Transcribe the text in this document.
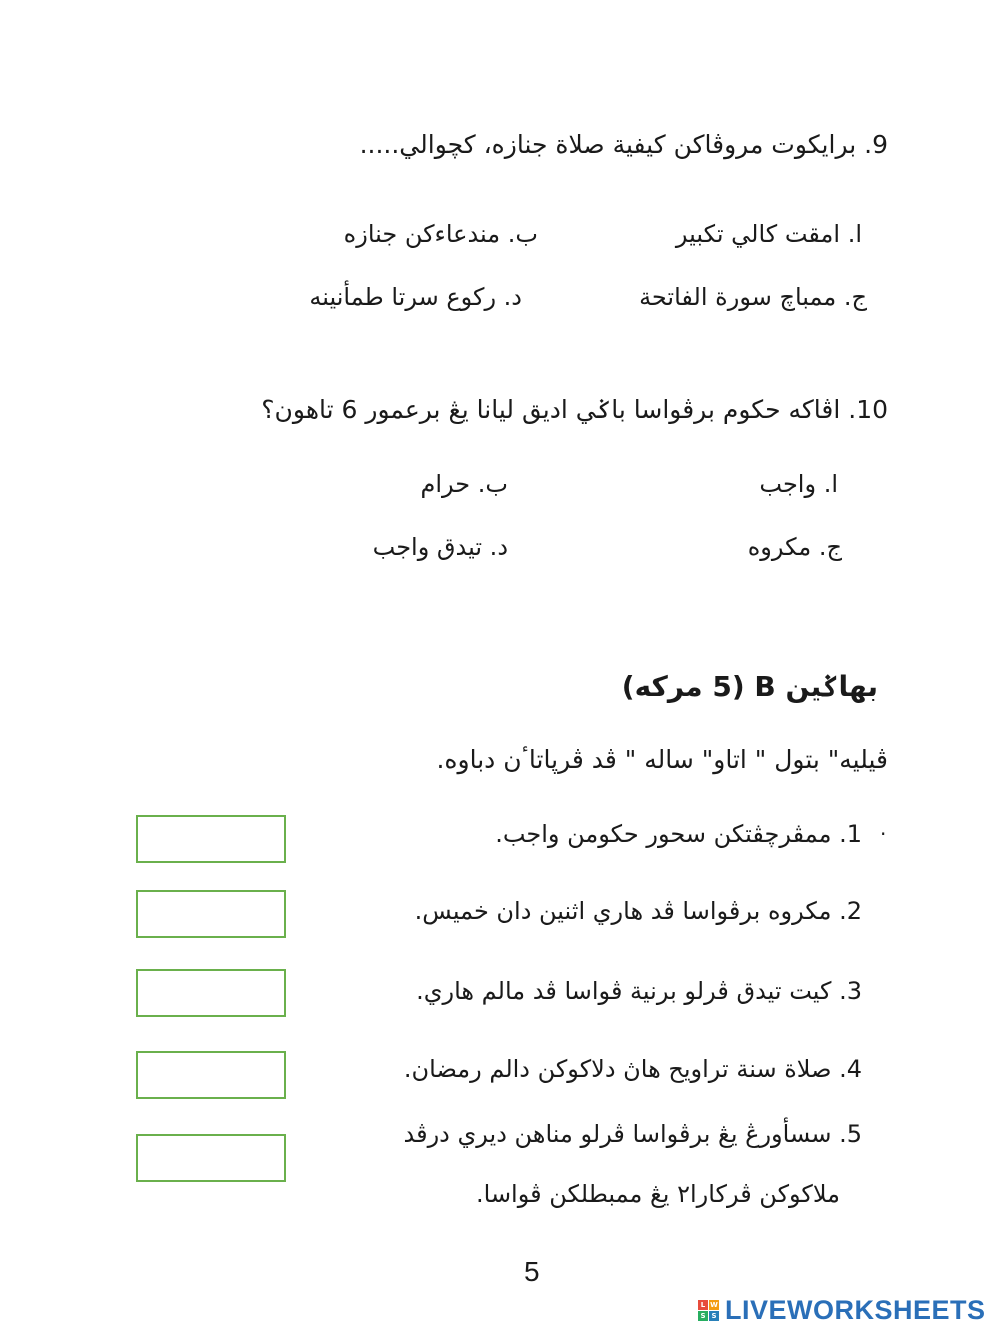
9. برايکوت مروڤاکن کيفية صلاة جنازه، کچوالي.....
ا. امقت کالي تکبير
ب. مندعاءکن جنازه
ج. ممباچ سورة الفاتحة
د. رکوع سرتا طمأنينه
10. اڤاکه حکوم برڤواسا باݢي اديق ليانا يڠ برعمور 6 تاهون؟
ا. واجب
ب. حرام
ج. مکروه
د. تيدق واجب
بهاݢين B (5 مرکه)
ڤيليه" بتول " اتاو" ساله " ڤد ڤرپاتاٴن دباوه.
1. ممڤرچڤتکن سحور حکومن واجب. ·
2. مکروه برڤواسا ڤد هاري اثنين دان خميس.
3. کيت تيدق ڤرلو برنية ڤواسا ڤد مالم هاري.
4. صلاة سنة تراويح هاڽ دلاکوکن دالم رمضان.
5. سسأورڠ يڠ برڤواسا ڤرلو مناهن ديري درڤد
ملاکوکن ڤرکارا٢ يڠ ممبطلکن ڤواسا.
5
L W
S S LIVEWORKSHEETS
